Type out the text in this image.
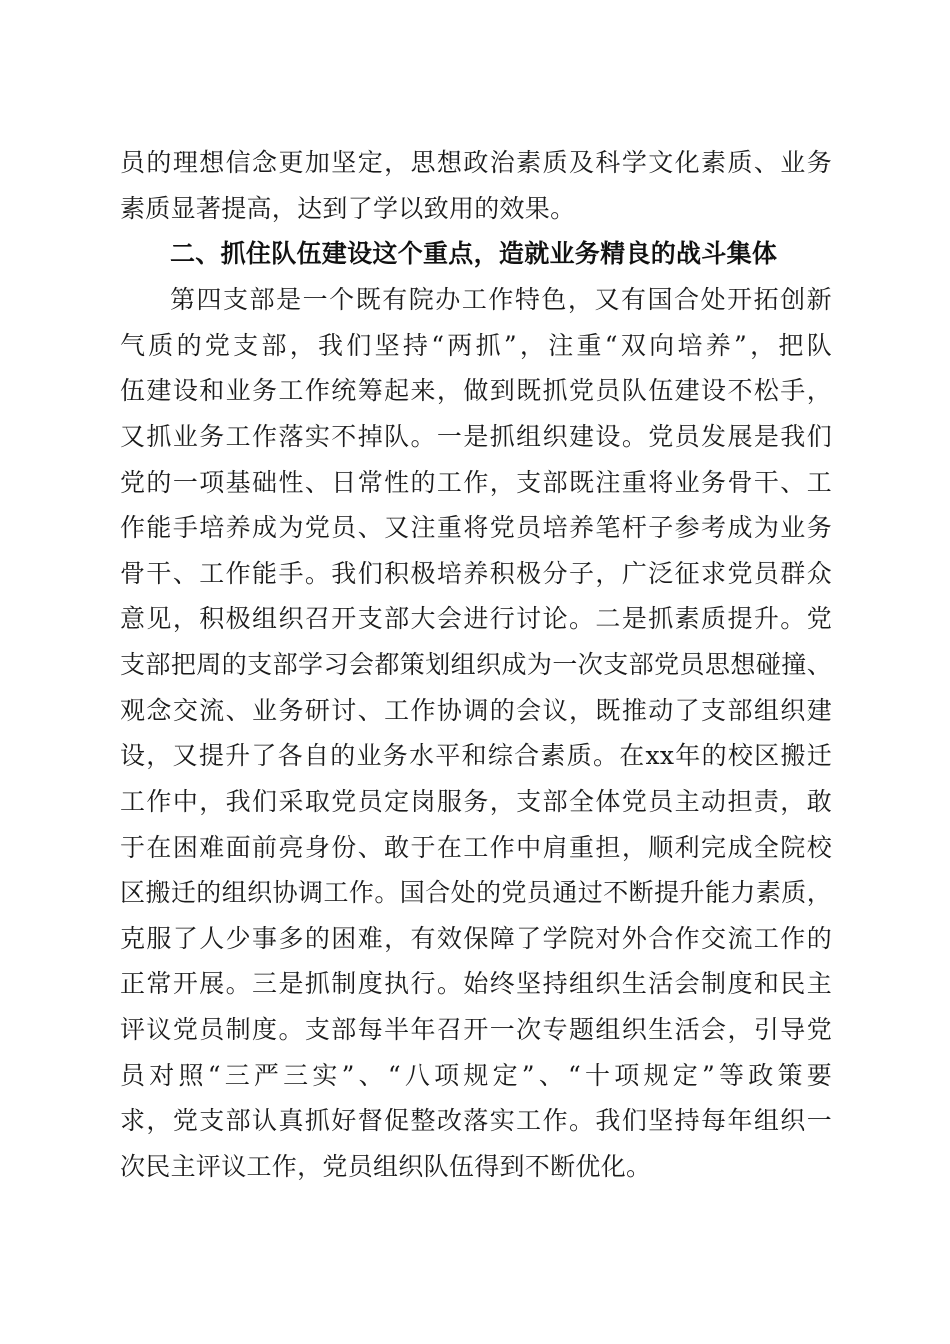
员的理想信念更加坚定，思想政治素质及科学文化素质、业务
素质显著提高，达到了学以致用的效果。
二、抓住队伍建设这个重点，造就业务精良的战斗集体
第四支部是一个既有院办工作特色，又有国合处开拓创新
气质的党支部，我们坚持“两抓”，注重“双向培养”，把队
伍建设和业务工作统筹起来，做到既抓党员队伍建设不松手，
又抓业务工作落实不掉队。一是抓组织建设。党员发展是我们
党的一项基础性、日常性的工作，支部既注重将业务骨干、工
作能手培养成为党员、又注重将党员培养笔杆子参考成为业务
骨干、工作能手。我们积极培养积极分子，广泛征求党员群众
意见，积极组织召开支部大会进行讨论。二是抓素质提升。党
支部把周的支部学习会都策划组织成为一次支部党员思想碰撞、
观念交流、业务研讨、工作协调的会议，既推动了支部组织建
设，又提升了各自的业务水平和综合素质。在xx年的校区搬迁
工作中，我们采取党员定岗服务，支部全体党员主动担责，敢
于在困难面前亮身份、敢于在工作中肩重担，顺利完成全院校
区搬迁的组织协调工作。国合处的党员通过不断提升能力素质，
克服了人少事多的困难，有效保障了学院对外合作交流工作的
正常开展。三是抓制度执行。始终坚持组织生活会制度和民主
评议党员制度。支部每半年召开一次专题组织生活会，引导党
员对照“三严三实”、“八项规定”、“十项规定”等政策要
求，党支部认真抓好督促整改落实工作。我们坚持每年组织一
次民主评议工作，党员组织队伍得到不断优化。
